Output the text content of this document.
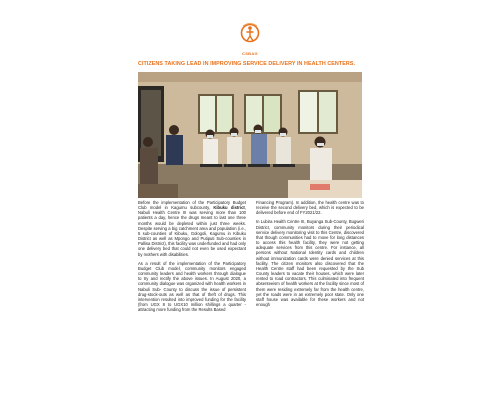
CSBAG
CITIZENS TAKING LEAD IN IMPROVING SERVICE DELIVERY IN HEALTH CENTERS.

Before the implementation of the Participatory Budget Club model in Kagumu subcounty, Kibuku district, Nabuli Health Centre III was serving more than 100 patients a day, hence the drugs meant to last one three months would be depleted within just three weeks. Despite serving a big catchment area and population (i.e., 5 sub-counties of Kibuku, Gologoli, Kagumu in Kibuku District as well as Mpongo and Putiputi Sub-counties in Pallisa District), this facility was underfunded and had only one delivery bed that could not even be used expectant by mothers with disabilities.

As a result of the implementation of the Participatory Budget Club model, community monitors engaged community leaders and health workers through dialogue to try and rectify the above issues. In August 2020, a community dialogue was organized with health workers in Nabuli Sub- County to discuss the issue of persistent drug-stock-outs as well as that of theft of drugs. This intervention resulted into improved funding for the facility (from UGX 8 to UGX10 million shillings a quarter - attracting more funding from the Results Based

Financing Program). In addition, the health centre was to receive the second delivery bed, which is expected to be delivered before end of FY2021/22.

In Lubira Health Centre III, Buyanga Sub-County, Bugweri District, community monitors during their periodical service delivery monitoring visit to this Centre, discovered that though communities had to move for long distances to access this health facility, they were not getting adequate services from this centre. For instance, all persons without National Identity cards and children without immunization cards were denied services at this facility. The citizen monitors also discovered that the Health Centre staff had been requested by the Sub County leaders to vacate their houses, which were later rented to road contractors. This culminated into frequent absenteeism of health workers at the facility since most of them were residing extremely far from the health centre, yet the roads were in an extremely poor state. Only one staff house was available for these workers and not enough
